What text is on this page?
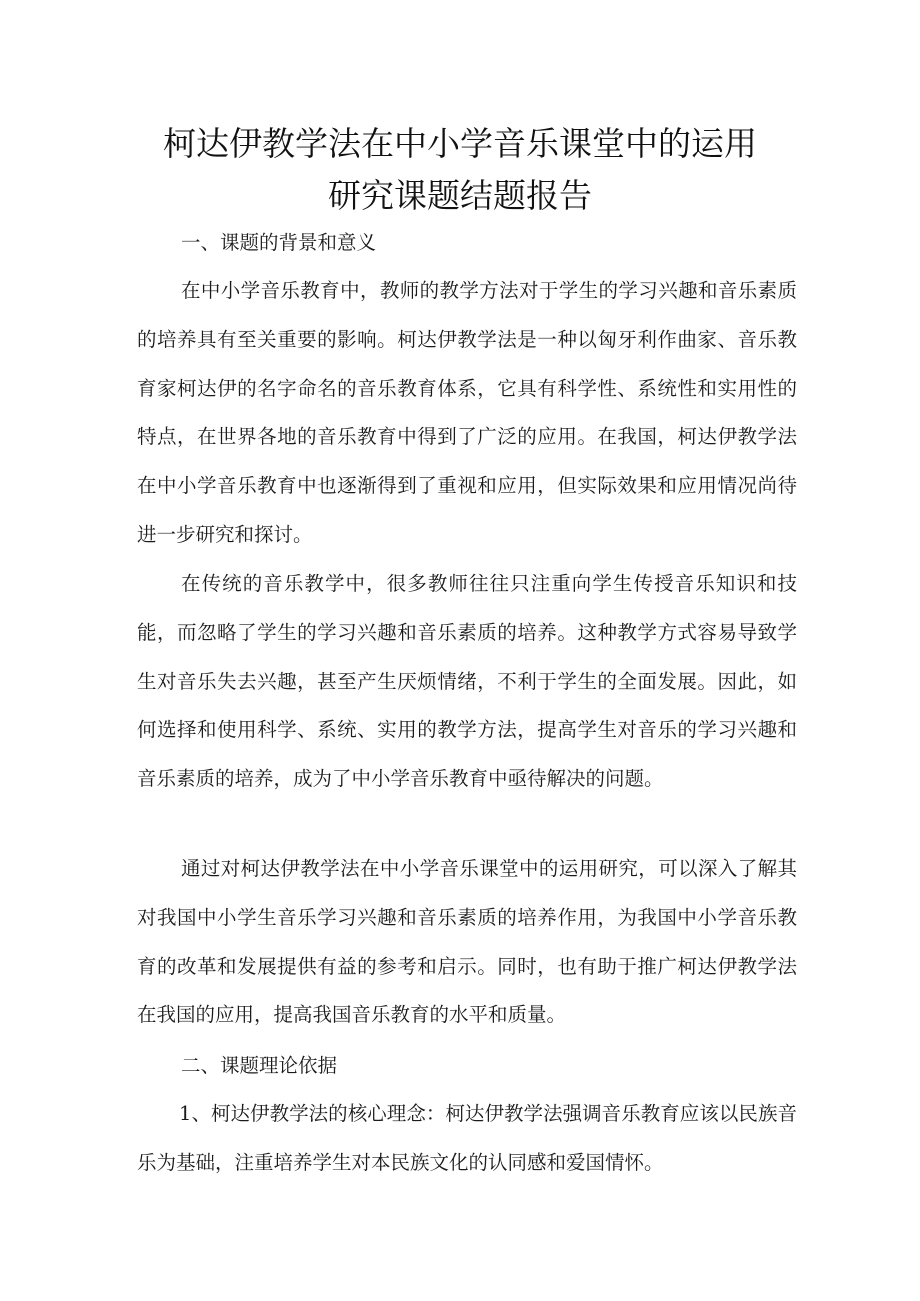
柯达伊教学法在中小学音乐课堂中的运用
研究课题结题报告

一、课题的背景和意义

在中小学音乐教育中，教师的教学方法对于学生的学习兴趣和音乐素质的培养具有至关重要的影响。柯达伊教学法是一种以匈牙利作曲家、音乐教育家柯达伊的名字命名的音乐教育体系，它具有科学性、系统性和实用性的特点，在世界各地的音乐教育中得到了广泛的应用。在我国，柯达伊教学法在中小学音乐教育中也逐渐得到了重视和应用，但实际效果和应用情况尚待进一步研究和探讨。

在传统的音乐教学中，很多教师往往只注重向学生传授音乐知识和技能，而忽略了学生的学习兴趣和音乐素质的培养。这种教学方式容易导致学生对音乐失去兴趣，甚至产生厌烦情绪，不利于学生的全面发展。因此，如何选择和使用科学、系统、实用的教学方法，提高学生对音乐的学习兴趣和音乐素质的培养，成为了中小学音乐教育中亟待解决的问题。

通过对柯达伊教学法在中小学音乐课堂中的运用研究，可以深入了解其对我国中小学生音乐学习兴趣和音乐素质的培养作用，为我国中小学音乐教育的改革和发展提供有益的参考和启示。同时，也有助于推广柯达伊教学法在我国的应用，提高我国音乐教育的水平和质量。

二、课题理论依据

1、柯达伊教学法的核心理念：柯达伊教学法强调音乐教育应该以民族音乐为基础，注重培养学生对本民族文化的认同感和爱国情怀。
